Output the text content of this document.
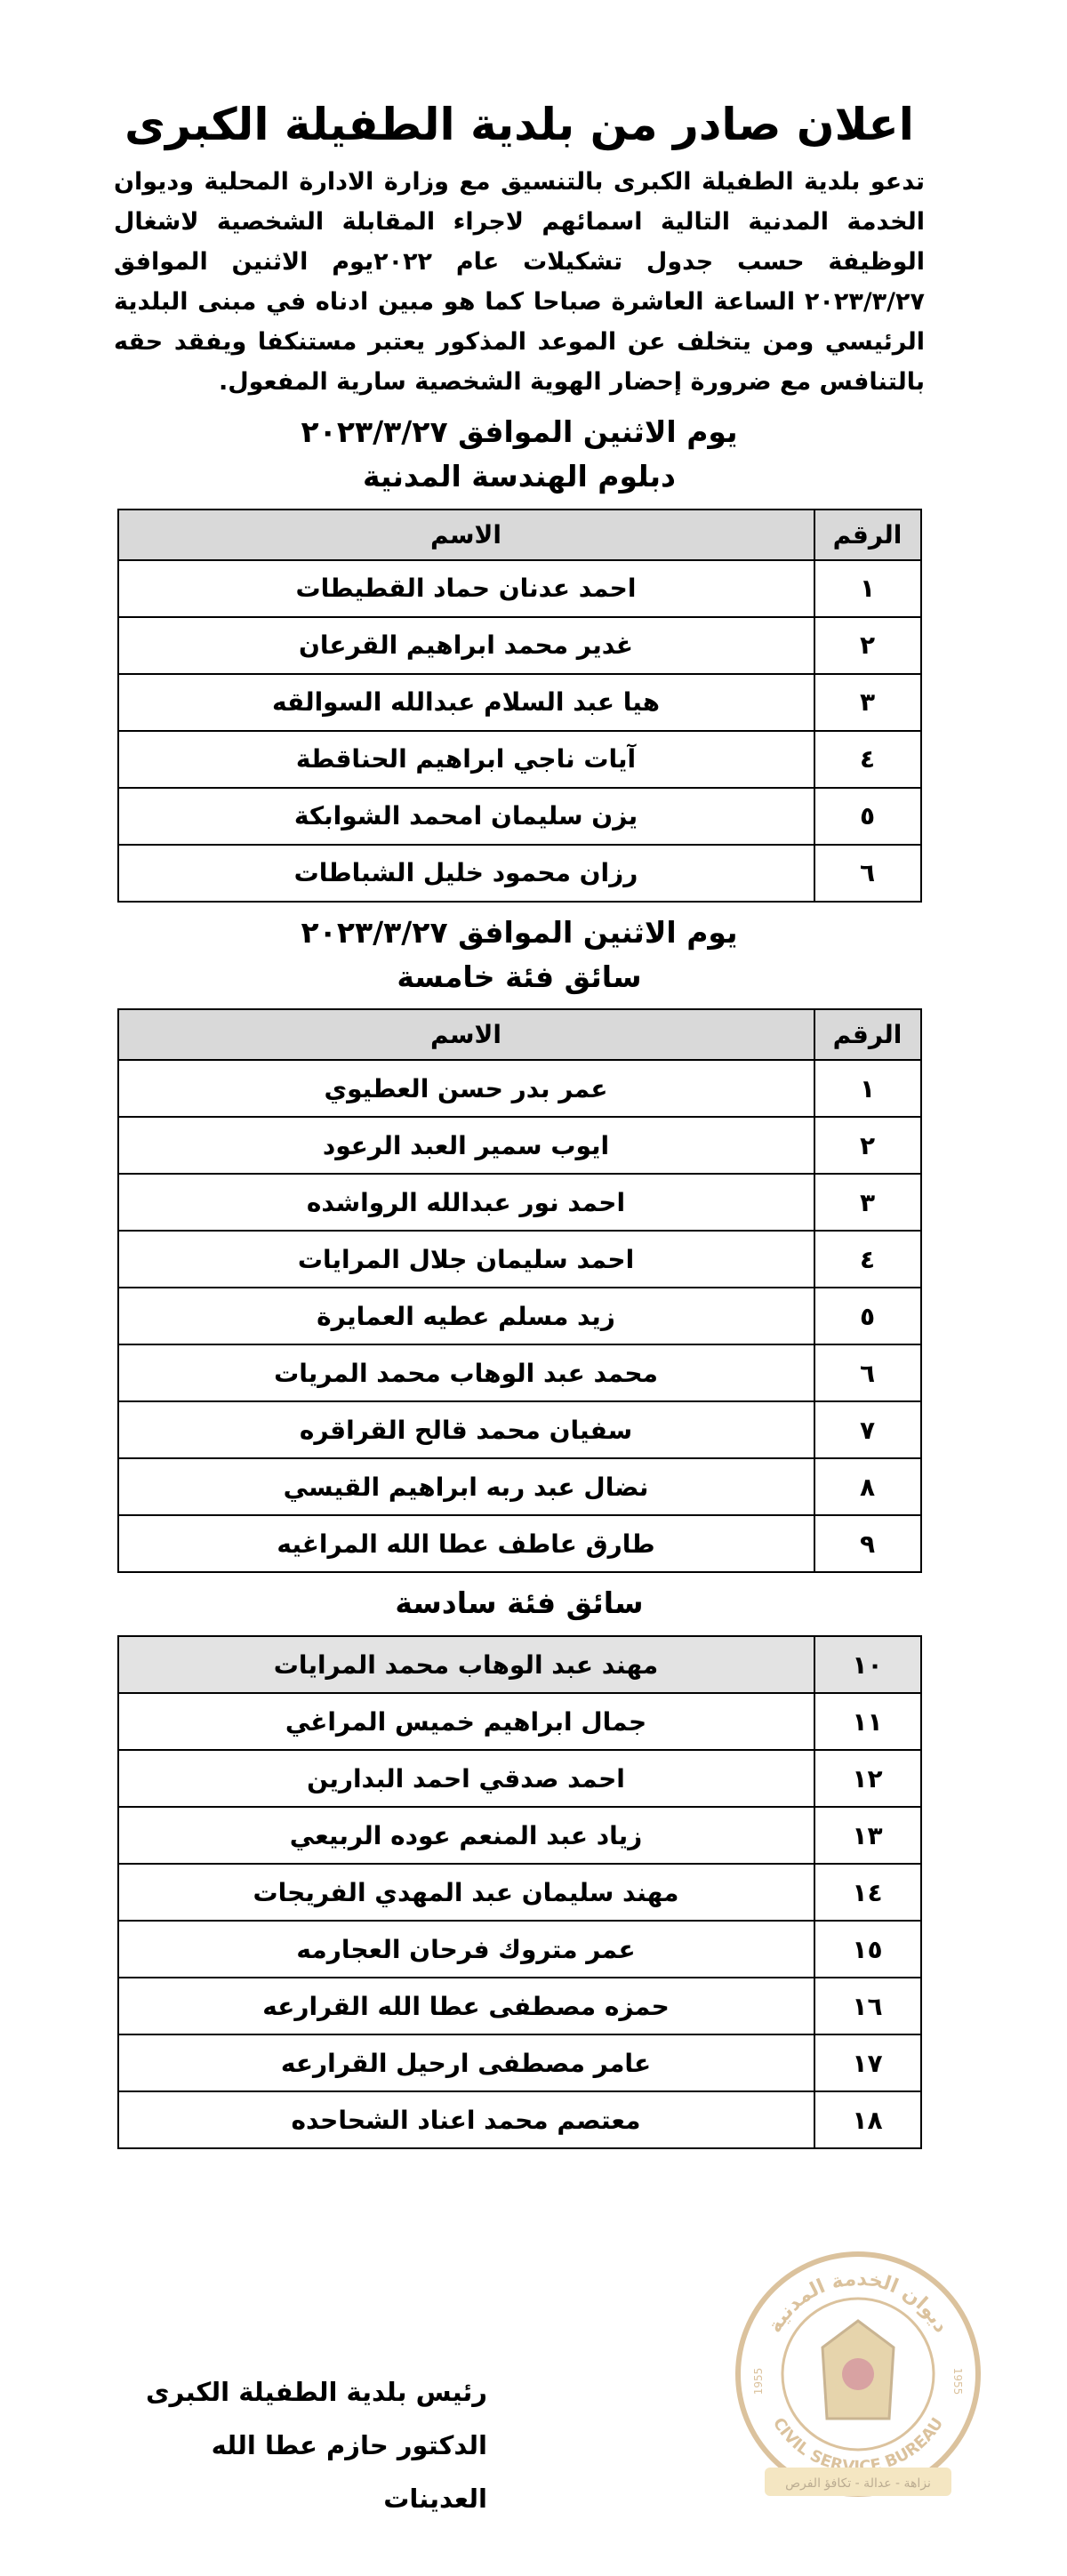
اعلان صادر من بلدية الطفيلة الكبرى

تدعو بلدية الطفيلة الكبرى بالتنسيق مع وزارة الادارة المحلية وديوان الخدمة المدنية التالية اسمائهم لاجراء المقابلة الشخصية لاشغال الوظيفة حسب جدول تشكيلات عام ٢٠٢٢يوم الاثنين الموافق ٢٠٢٣/٣/٢٧ الساعة العاشرة صباحا كما هو مبين ادناه في مبنى البلدية الرئيسي ومن يتخلف عن الموعد المذكور يعتبر مستنكفا ويفقد حقه بالتنافس مع ضرورة إحضار الهوية الشخصية سارية المفعول.

يوم الاثنين الموافق ٢٠٢٣/٣/٢٧
دبلوم الهندسة المدنية
الرقم	الاسم
١	احمد عدنان حماد القطيطات
٢	غدير محمد ابراهيم القرعان
٣	هيا عبد السلام عبدالله السوالقه
٤	آيات ناجي ابراهيم الحناقطة
٥	يزن سليمان امحمد الشوابكة
٦	رزان محمود خليل الشباطات
يوم الاثنين الموافق ٢٠٢٣/٣/٢٧
سائق فئة خامسة
الرقم	الاسم
١	عمر بدر حسن العطيوي
٢	ايوب سمير العبد الرعود
٣	احمد نور عبدالله الرواشده
٤	احمد سليمان جلال المرايات
٥	زيد مسلم عطيه العمايرة
٦	محمد عبد الوهاب محمد المريات
٧	سفيان محمد قالح القراقره
٨	نضال عبد ربه ابراهيم القيسي
٩	طارق عاطف عطا الله المراغيه
سائق فئة سادسة
١٠	مهند عبد الوهاب محمد المرايات
١١	جمال ابراهيم خميس المراغي
١٢	احمد صدقي احمد البدارين
١٣	زياد عبد المنعم عوده الربيعي
١٤	مهند سليمان عبد المهدي الفريجات
١٥	عمر متروك فرحان العجارمه
١٦	حمزه مصطفى عطا الله القرارعه
١٧	عامر مصطفى ارحيل القرارعه
١٨	معتصم محمد اعناد الشحاحده
رئيس بلدية الطفيلة الكبرى
الدكتور حازم عطا الله العدينات
ديوان الخدمة المدنية
CIVIL SERVICE BUREAU
1955	1955
نزاهة - عدالة - تكافؤ الفرص
